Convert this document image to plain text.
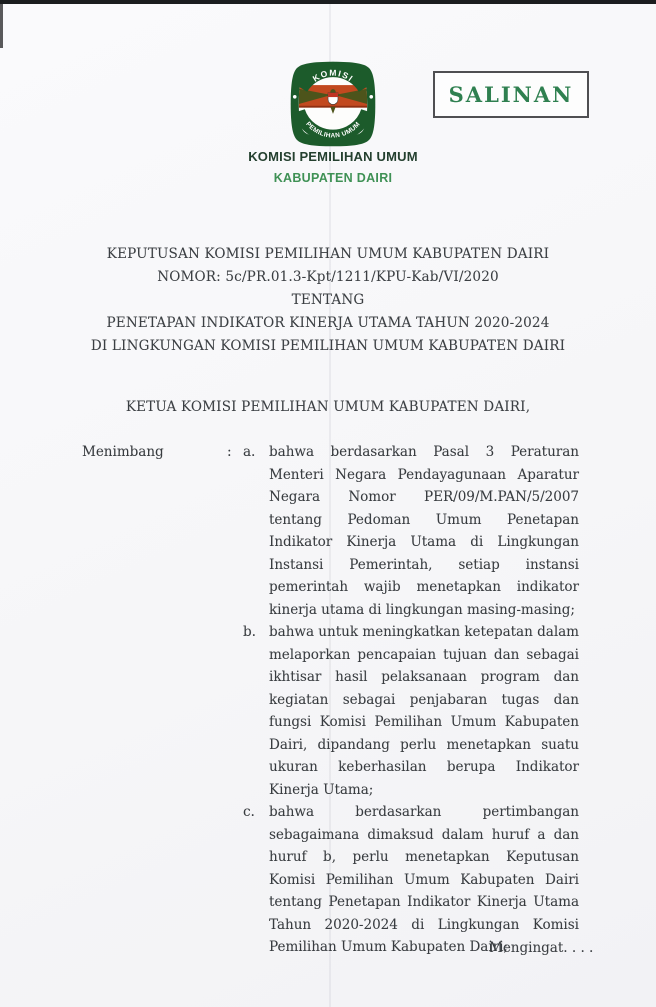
KOMISI
PEMILIHAN UMUM
SALINAN
KOMISI PEMILIHAN UMUM
KABUPATEN DAIRI
KEPUTUSAN KOMISI PEMILIHAN UMUM KABUPATEN DAIRI
NOMOR: 5c/PR.01.3-Kpt/1211/KPU-Kab/VI/2020
TENTANG
PENETAPAN INDIKATOR KINERJA UTAMA TAHUN 2020-2024
DI LINGKUNGAN KOMISI PEMILIHAN UMUM KABUPATEN DAIRI
KETUA KOMISI PEMILIHAN UMUM KABUPATEN DAIRI,
Menimbang	: a.	bahwa berdasarkan Pasal 3 Peraturan Menteri Negara Pendayagunaan Aparatur Negara Nomor PER/09/M.PAN/5/2007 tentang Pedoman Umum Penetapan Indikator Kinerja Utama di Lingkungan Instansi Pemerintah, setiap instansi pemerintah wajib menetapkan indikator kinerja utama di lingkungan masing-masing;
b. bahwa untuk meningkatkan ketepatan dalam melaporkan pencapaian tujuan dan sebagai ikhtisar hasil pelaksanaan program dan kegiatan sebagai penjabaran tugas dan fungsi Komisi Pemilihan Umum Kabupaten Dairi, dipandang perlu menetapkan suatu ukuran keberhasilan berupa Indikator Kinerja Utama;
c.	bahwa berdasarkan pertimbangan sebagaimana dimaksud dalam huruf a dan huruf b, perlu menetapkan Keputusan Komisi Pemilihan Umum Kabupaten Dairi tentang Penetapan Indikator Kinerja Utama Tahun 2020-2024 di Lingkungan Komisi Pemilihan Umum Kabupaten Dairi;
Mengingat. . . .
